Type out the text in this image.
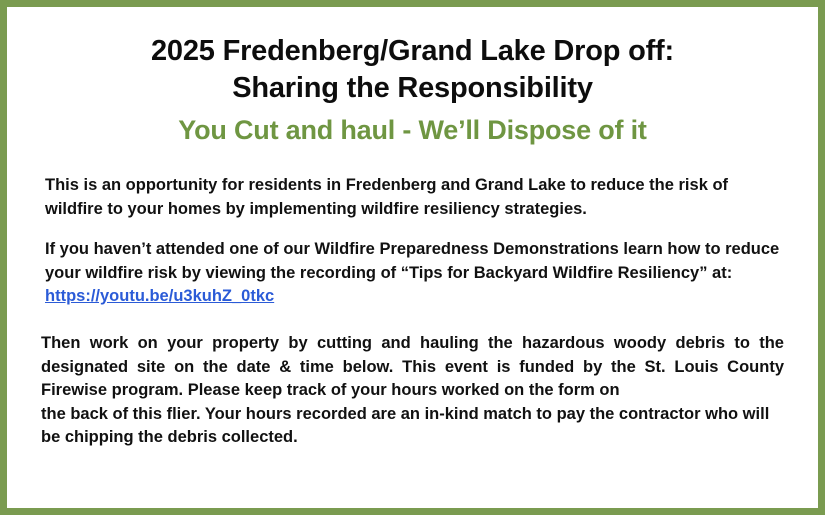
2025 Fredenberg/Grand Lake Drop off:
Sharing the Responsibility
You Cut and haul - We’ll Dispose of it

This is an opportunity for residents in Fredenberg and Grand Lake to reduce the risk of wildfire to your homes by implementing wildfire resiliency strategies.

If you haven’t attended one of our Wildfire Preparedness Demonstrations learn how to reduce your wildfire risk by viewing the recording of “Tips for Backyard Wildfire Resiliency” at: https://youtu.be/u3kuhZ_0tkc

Then work on your property by cutting and hauling the hazardous woody debris to the designated site on the date & time below. This event is funded by the St. Louis County Firewise program. Please keep track of your hours worked on the form on
the back of this flier. Your hours recorded are an in-kind match to pay the contractor who will be chipping the debris collected.
